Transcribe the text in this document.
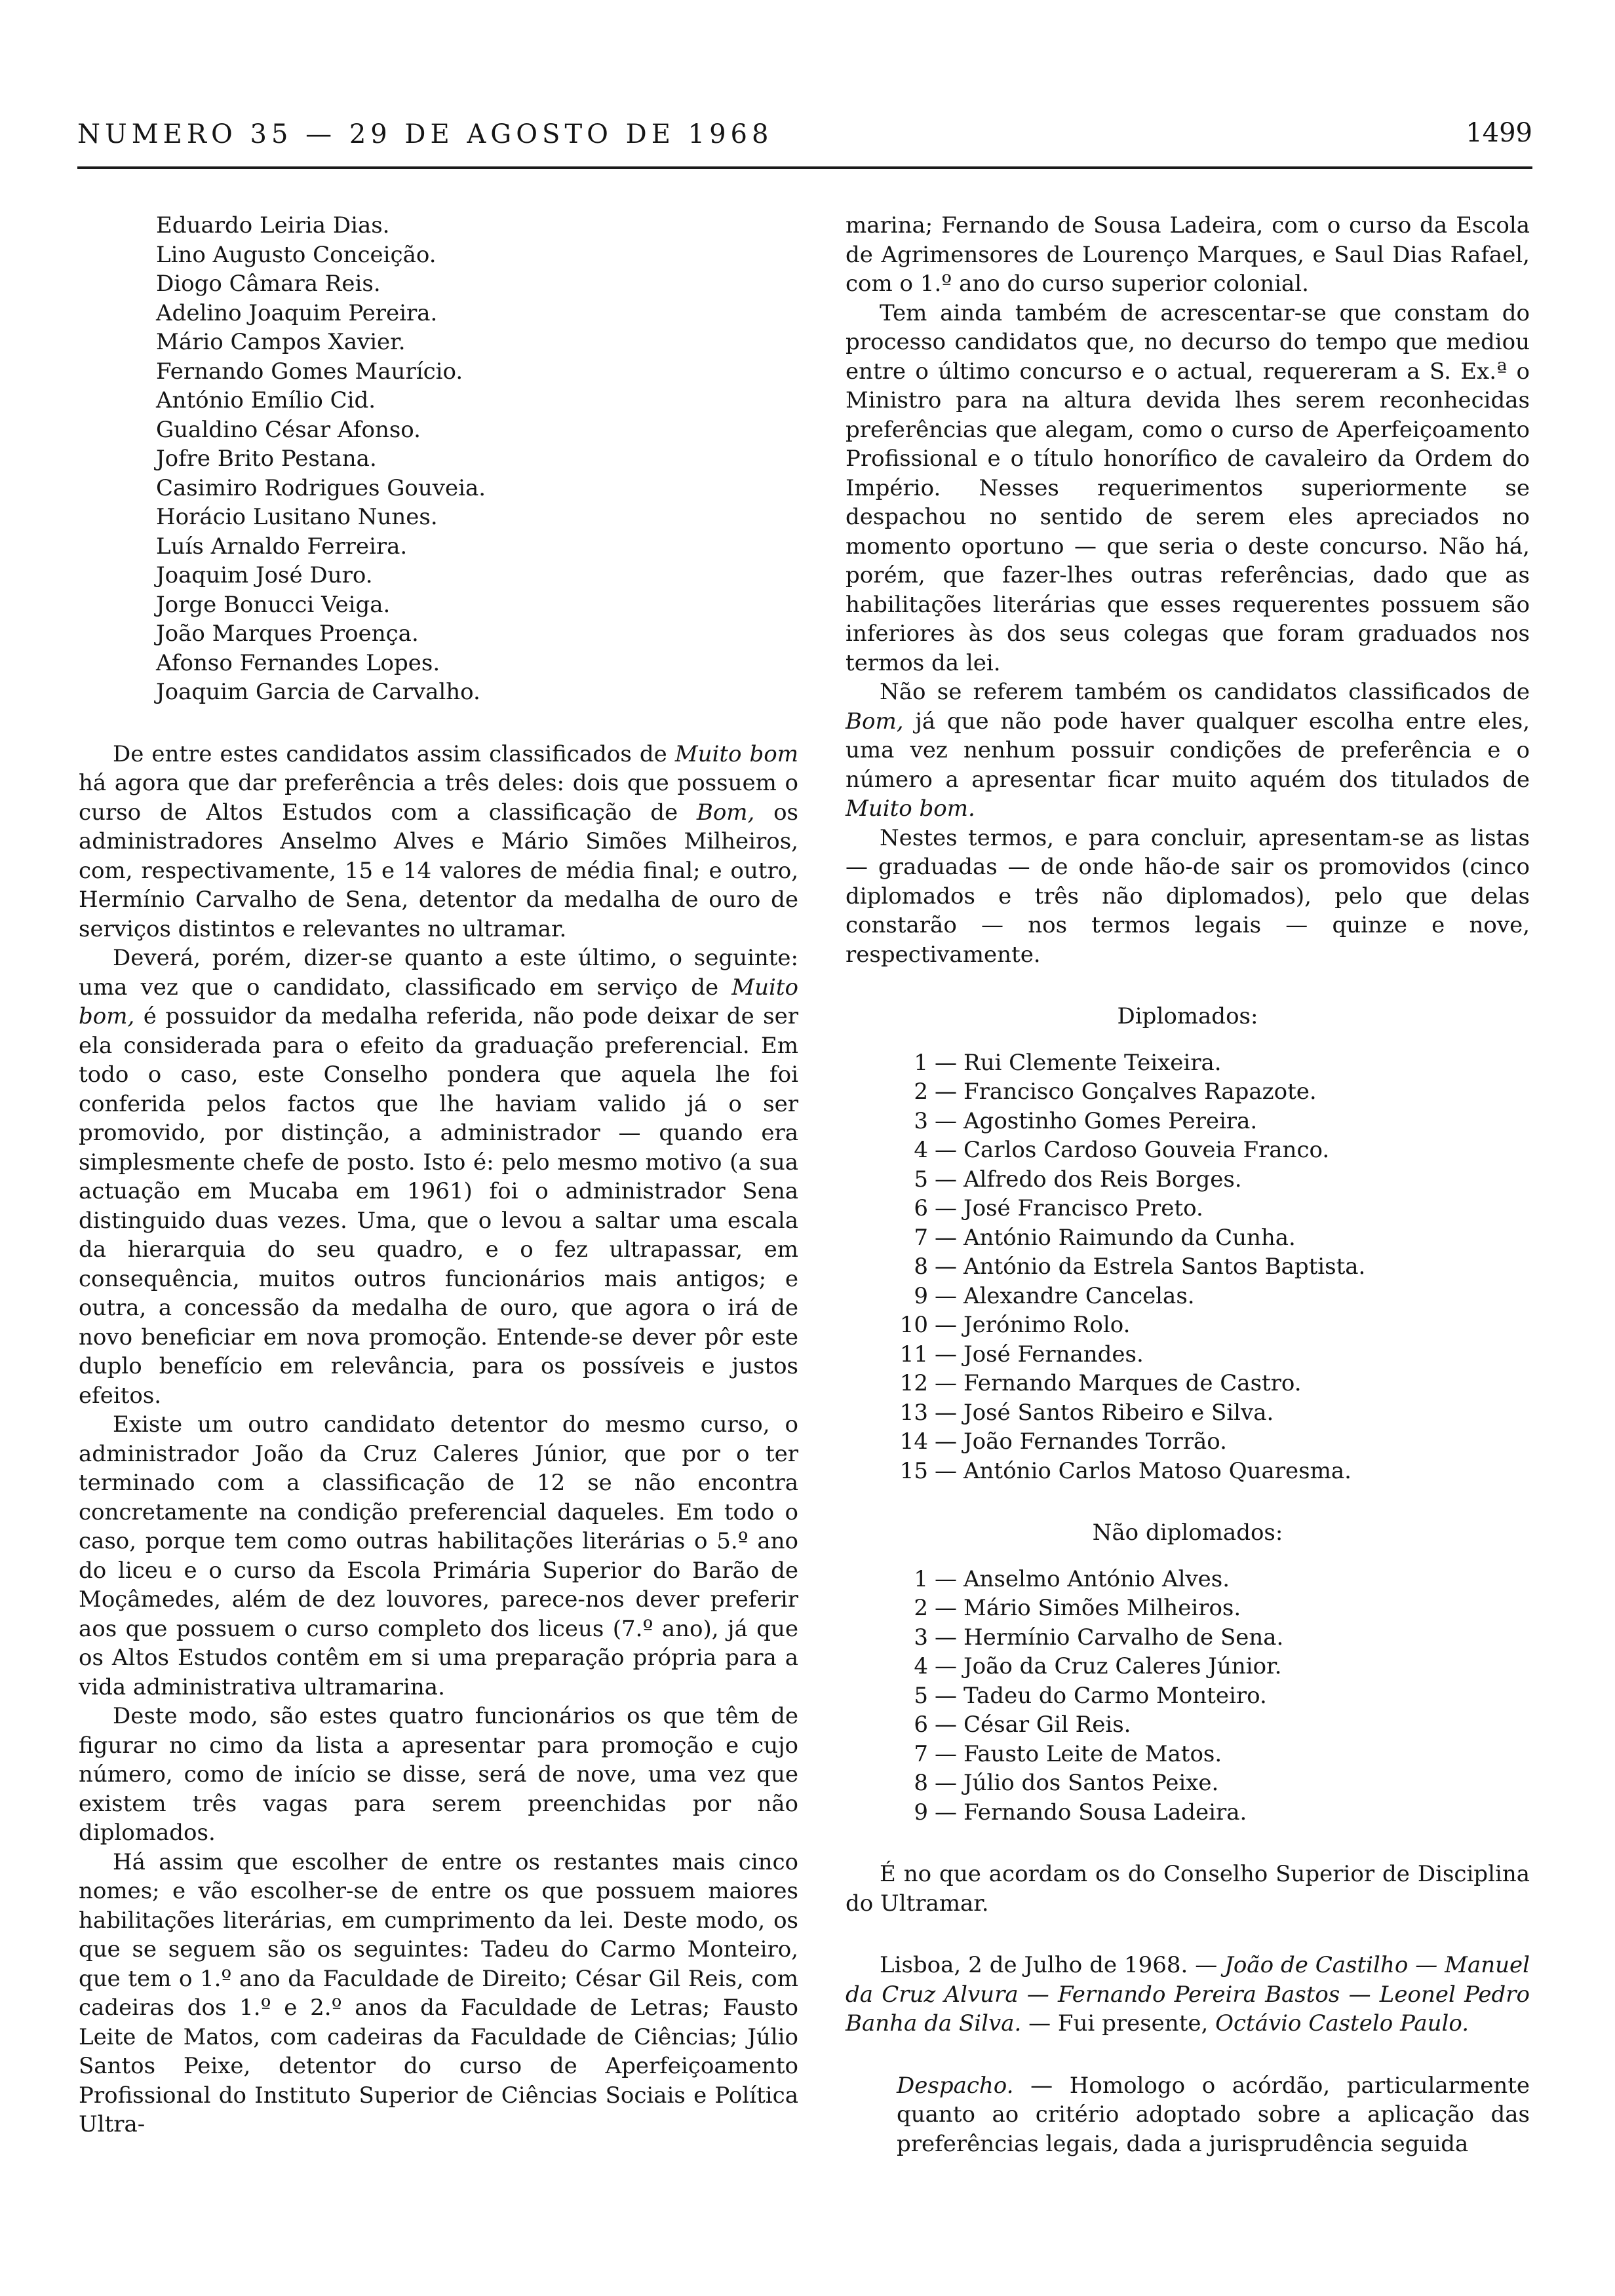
NUMERO 35 — 29 DE AGOSTO DE 1968	1499
Eduardo Leiria Dias.
Lino Augusto Conceição.
Diogo Câmara Reis.
Adelino Joaquim Pereira.
Mário Campos Xavier.
Fernando Gomes Maurício.
António Emílio Cid.
Gualdino César Afonso.
Jofre Brito Pestana.
Casimiro Rodrigues Gouveia.
Horácio Lusitano Nunes.
Luís Arnaldo Ferreira.
Joaquim José Duro.
Jorge Bonucci Veiga.
João Marques Proença.
Afonso Fernandes Lopes.
Joaquim Garcia de Carvalho.

De entre estes candidatos assim classificados de Muito bom há agora que dar preferência a três deles: dois que possuem o curso de Altos Estudos com a classificação de Bom, os administradores Anselmo Alves e Mário Simões Milheiros, com, respectivamente, 15 e 14 valores de média final; e outro, Hermínio Carvalho de Sena, detentor da medalha de ouro de serviços distintos e relevantes no ultramar.

Deverá, porém, dizer-se quanto a este último, o seguinte: uma vez que o candidato, classificado em serviço de Muito bom, é possuidor da medalha referida, não pode deixar de ser ela considerada para o efeito da graduação preferencial. Em todo o caso, este Conselho pondera que aquela lhe foi conferida pelos factos que lhe haviam valido já o ser promovido, por distinção, a administrador — quando era simplesmente chefe de posto. Isto é: pelo mesmo motivo (a sua actuação em Mucaba em 1961) foi o administrador Sena distinguido duas vezes. Uma, que o levou a saltar uma escala da hierarquia do seu quadro, e o fez ultrapassar, em consequência, muitos outros funcionários mais antigos; e outra, a concessão da medalha de ouro, que agora o irá de novo beneficiar em nova promoção. Entende-se dever pôr este duplo benefício em relevância, para os possíveis e justos efeitos.

Existe um outro candidato detentor do mesmo curso, o administrador João da Cruz Caleres Júnior, que por o ter terminado com a classificação de 12 se não encontra concretamente na condição preferencial daqueles. Em todo o caso, porque tem como outras habilitações literárias o 5.º ano do liceu e o curso da Escola Primária Superior do Barão de Moçâmedes, além de dez louvores, parece-nos dever preferir aos que possuem o curso completo dos liceus (7.º ano), já que os Altos Estudos contêm em si uma preparação própria para a vida administrativa ultramarina.

Deste modo, são estes quatro funcionários os que têm de figurar no cimo da lista a apresentar para promoção e cujo número, como de início se disse, será de nove, uma vez que existem três vagas para serem preenchidas por não diplomados.

Há assim que escolher de entre os restantes mais cinco nomes; e vão escolher-se de entre os que possuem maiores habilitações literárias, em cumprimento da lei. Deste modo, os que se seguem são os seguintes: Tadeu do Carmo Monteiro, que tem o 1.º ano da Faculdade de Direito; César Gil Reis, com cadeiras dos 1.º e 2.º anos da Faculdade de Letras; Fausto Leite de Matos, com cadeiras da Faculdade de Ciências; Júlio Santos Peixe, detentor do curso de Aperfeiçoamento Profissional do Instituto Superior de Ciências Sociais e Política Ultra-

marina; Fernando de Sousa Ladeira, com o curso da Escola de Agrimensores de Lourenço Marques, e Saul Dias Rafael, com o 1.º ano do curso superior colonial.

Tem ainda também de acrescentar-se que constam do processo candidatos que, no decurso do tempo que mediou entre o último concurso e o actual, requereram a S. Ex.ª o Ministro para na altura devida lhes serem reconhecidas preferências que alegam, como o curso de Aperfeiçoamento Profissional e o título honorífico de cavaleiro da Ordem do Império. Nesses requerimentos superiormente se despachou no sentido de serem eles apreciados no momento oportuno — que seria o deste concurso. Não há, porém, que fazer-lhes outras referências, dado que as habilitações literárias que esses requerentes possuem são inferiores às dos seus colegas que foram graduados nos termos da lei.

Não se referem também os candidatos classificados de Bom, já que não pode haver qualquer escolha entre eles, uma vez nenhum possuir condições de preferência e o número a apresentar ficar muito aquém dos titulados de Muito bom.

Nestes termos, e para concluir, apresentam-se as listas — graduadas — de onde hão-de sair os promovidos (cinco diplomados e três não diplomados), pelo que delas constarão — nos termos legais — quinze e nove, respectivamente.

Diplomados:

1 — Rui Clemente Teixeira.
2 — Francisco Gonçalves Rapazote.
3 — Agostinho Gomes Pereira.
4 — Carlos Cardoso Gouveia Franco.
5 — Alfredo dos Reis Borges.
6 — José Francisco Preto.
7 — António Raimundo da Cunha.
8 — António da Estrela Santos Baptista.
9 — Alexandre Cancelas.
10 — Jerónimo Rolo.
11 — José Fernandes.
12 — Fernando Marques de Castro.
13 — José Santos Ribeiro e Silva.
14 — João Fernandes Torrão.
15 — António Carlos Matoso Quaresma.

Não diplomados:

1 — Anselmo António Alves.
2 — Mário Simões Milheiros.
3 — Hermínio Carvalho de Sena.
4 — João da Cruz Caleres Júnior.
5 — Tadeu do Carmo Monteiro.
6 — César Gil Reis.
7 — Fausto Leite de Matos.
8 — Júlio dos Santos Peixe.
9 — Fernando Sousa Ladeira.

É no que acordam os do Conselho Superior de Disciplina do Ultramar.

Lisboa, 2 de Julho de 1968. — João de Castilho — Manuel da Cruz Alvura — Fernando Pereira Bastos — Leonel Pedro Banha da Silva. — Fui presente, Octávio Castelo Paulo.

Despacho. — Homologo o acórdão, particularmente quanto ao critério adoptado sobre a aplicação das preferências legais, dada a jurisprudência seguida
